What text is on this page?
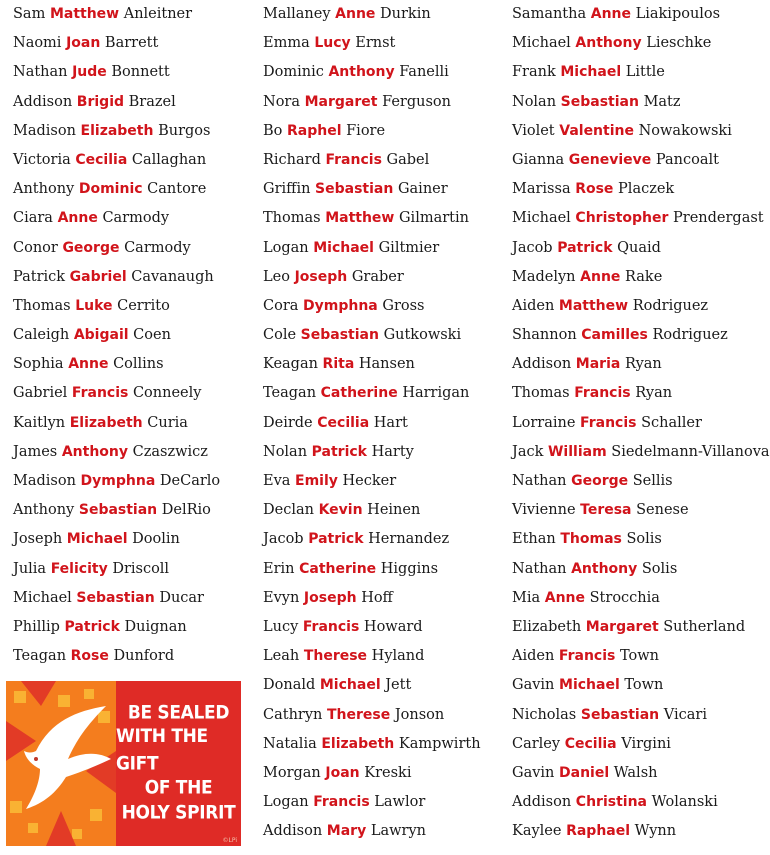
Sam Matthew Anleitner
Naomi Joan Barrett
Nathan Jude Bonnett
Addison Brigid Brazel
Madison Elizabeth Burgos
Victoria Cecilia Callaghan
Anthony Dominic Cantore
Ciara Anne Carmody
Conor George Carmody
Patrick Gabriel Cavanaugh
Thomas Luke Cerrito
Caleigh Abigail Coen
Sophia Anne Collins
Gabriel Francis Conneely
Kaitlyn Elizabeth Curia
James Anthony Czaszwicz
Madison Dymphna DeCarlo
Anthony Sebastian DelRio
Joseph Michael Doolin
Julia Felicity Driscoll
Michael Sebastian Ducar
Phillip Patrick Duignan
Teagan Rose Dunford
Mallaney Anne Durkin
Emma Lucy Ernst
Dominic Anthony Fanelli
Nora Margaret Ferguson
Bo Raphel Fiore
Richard Francis Gabel
Griffin Sebastian Gainer
Thomas Matthew Gilmartin
Logan Michael Giltmier
Leo Joseph Graber
Cora Dymphna Gross
Cole Sebastian Gutkowski
Keagan Rita Hansen
Teagan Catherine Harrigan
Deirde Cecilia Hart
Nolan Patrick Harty
Eva Emily Hecker
Declan Kevin Heinen
Jacob Patrick Hernandez
Erin Catherine Higgins
Evyn Joseph Hoff
Lucy Francis Howard
Leah Therese Hyland
Donald Michael Jett
Cathryn Therese Jonson
Natalia Elizabeth Kampwirth
Morgan Joan Kreski
Logan Francis Lawlor
Addison Mary Lawryn
Samantha Anne Liakipoulos
Michael Anthony Lieschke
Frank Michael Little
Nolan Sebastian Matz
Violet Valentine Nowakowski
Gianna Genevieve Pancoalt
Marissa Rose Placzek
Michael Christopher Prendergast
Jacob Patrick Quaid
Madelyn Anne Rake
Aiden Matthew Rodriguez
Shannon Camilles Rodriguez
Addison Maria Ryan
Thomas Francis Ryan
Lorraine Francis Schaller
Jack William Siedelmann-Villanova
Nathan George Sellis
Vivienne Teresa Senese
Ethan Thomas Solis
Nathan Anthony Solis
Mia Anne Strocchia
Elizabeth Margaret Sutherland
Aiden Francis Town
Gavin Michael Town
Nicholas Sebastian Vicari
Carley Cecilia Virgini
Gavin Daniel Walsh
Addison Christina Wolanski
Kaylee Raphael Wynn
BE SEALED
WITH THE GIFT
OF THE
HOLY SPIRIT
©LPi
